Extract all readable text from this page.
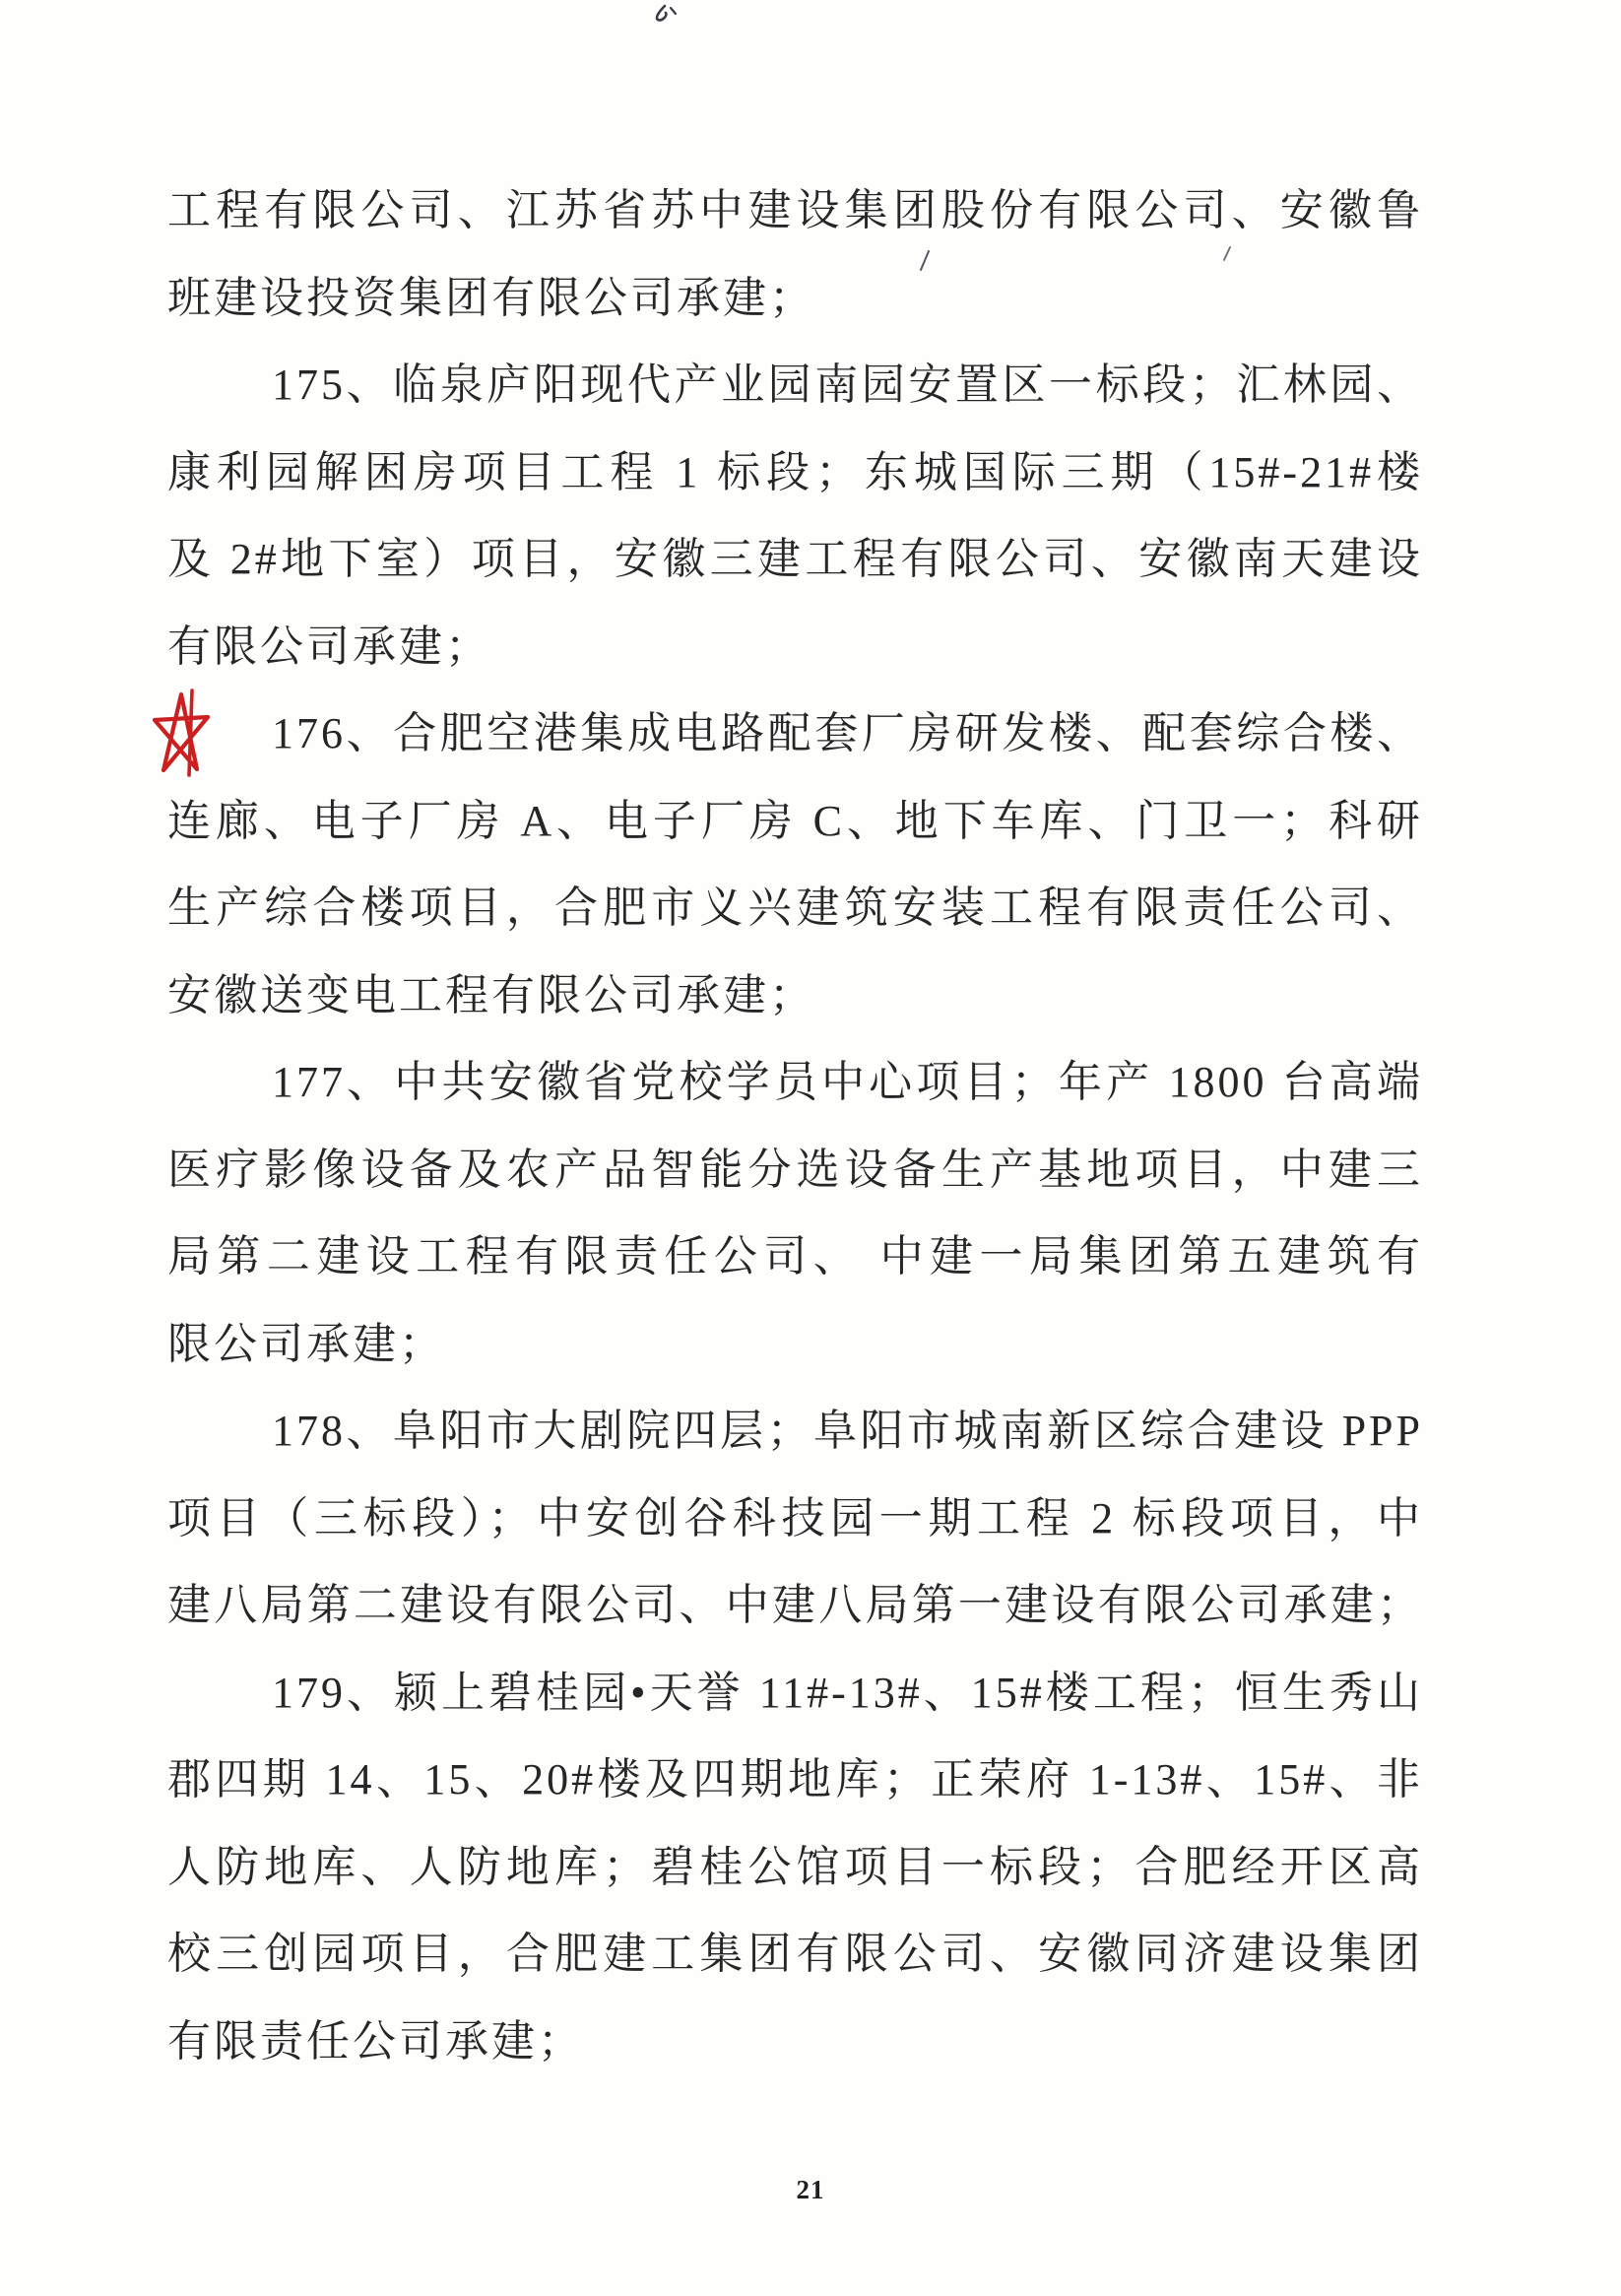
工程有限公司、江苏省苏中建设集团股份有限公司、安徽鲁
班建设投资集团有限公司承建；
175、临泉庐阳现代产业园南园安置区一标段；汇林园、
康利园解困房项目工程 1 标段；东城国际三期（15#-21#楼
及 2#地下室）项目，安徽三建工程有限公司、安徽南天建设
有限公司承建；
176、合肥空港集成电路配套厂房研发楼、配套综合楼、
连廊、电子厂房 A、电子厂房 C、地下车库、门卫一；科研
生产综合楼项目，合肥市义兴建筑安装工程有限责任公司、
安徽送变电工程有限公司承建；
177、中共安徽省党校学员中心项目；年产 1800 台高端
医疗影像设备及农产品智能分选设备生产基地项目，中建三
局第二建设工程有限责任公司、 中建一局集团第五建筑有
限公司承建；
178、阜阳市大剧院四层；阜阳市城南新区综合建设 PPP
项目（三标段）；中安创谷科技园一期工程 2 标段项目，中
建八局第二建设有限公司、中建八局第一建设有限公司承建；
179、颍上碧桂园•天誉 11#-13#、15#楼工程；恒生秀山
郡四期 14、15、20#楼及四期地库；正荣府 1-13#、15#、非
人防地库、人防地库；碧桂公馆项目一标段；合肥经开区高
校三创园项目，合肥建工集团有限公司、安徽同济建设集团
有限责任公司承建；
21
